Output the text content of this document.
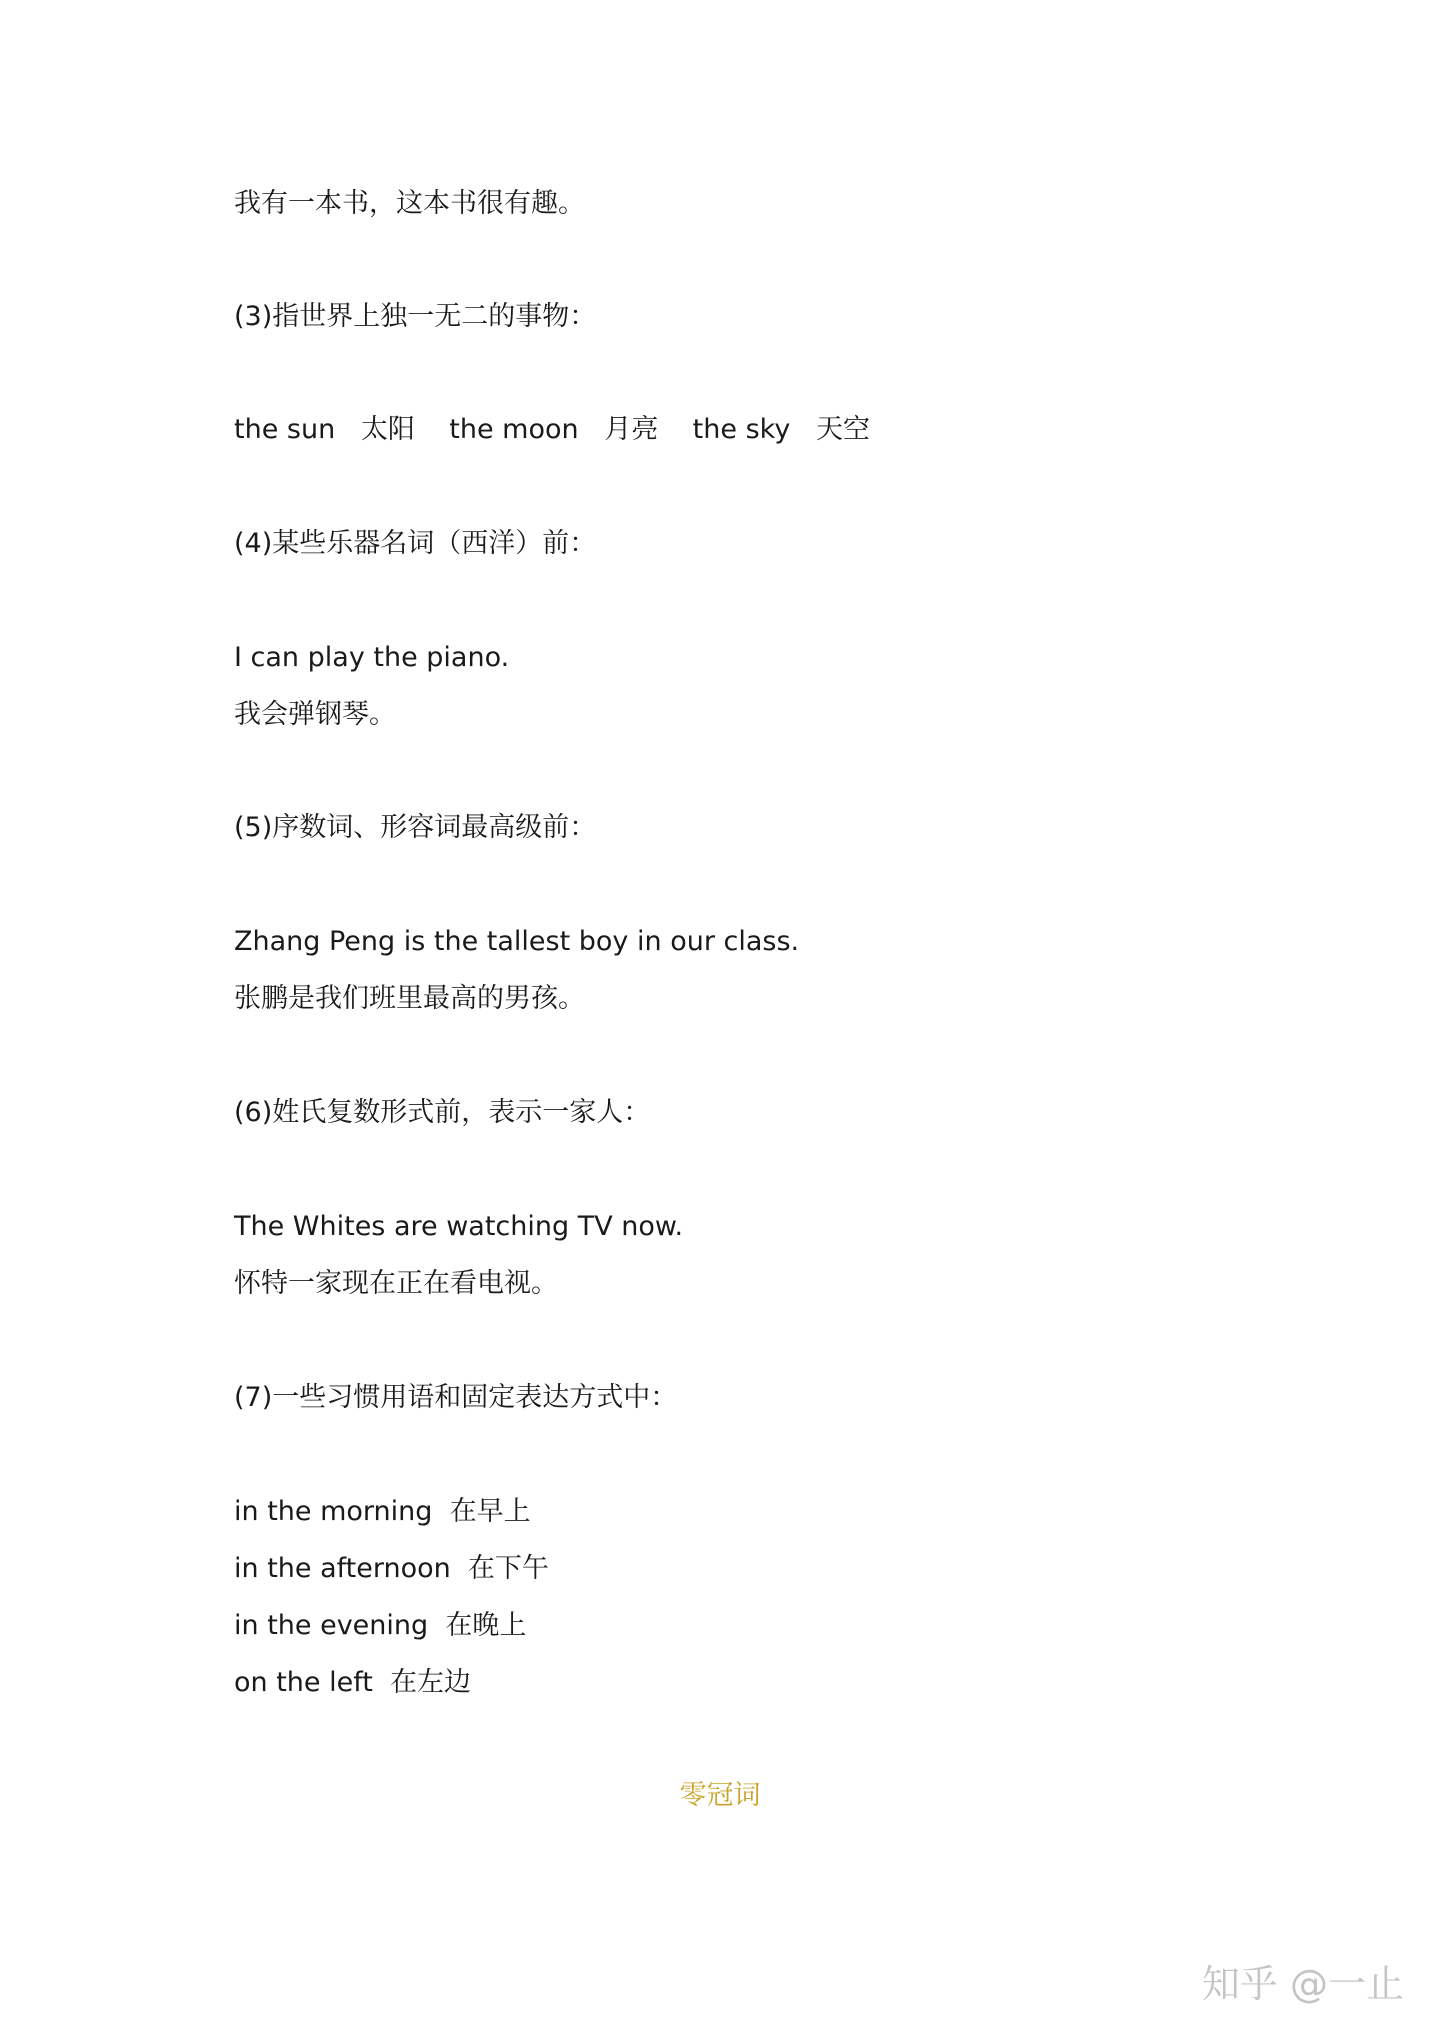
我有一本书，这本书很有趣。

(3)指世界上独一无二的事物：

the sun   太阳    the moon   月亮    the sky   天空

(4)某些乐器名词（西洋）前：

I can play the piano.

我会弹钢琴。

(5)序数词、形容词最高级前：

Zhang Peng is the tallest boy in our class.

张鹏是我们班里最高的男孩。

(6)姓氏复数形式前，表示一家人：

The Whites are watching TV now.

怀特一家现在正在看电视。

(7)一些习惯用语和固定表达方式中：

in the morning  在早上

in the afternoon  在下午

in the evening  在晚上

on the left  在左边

零冠词

知乎 @一止
